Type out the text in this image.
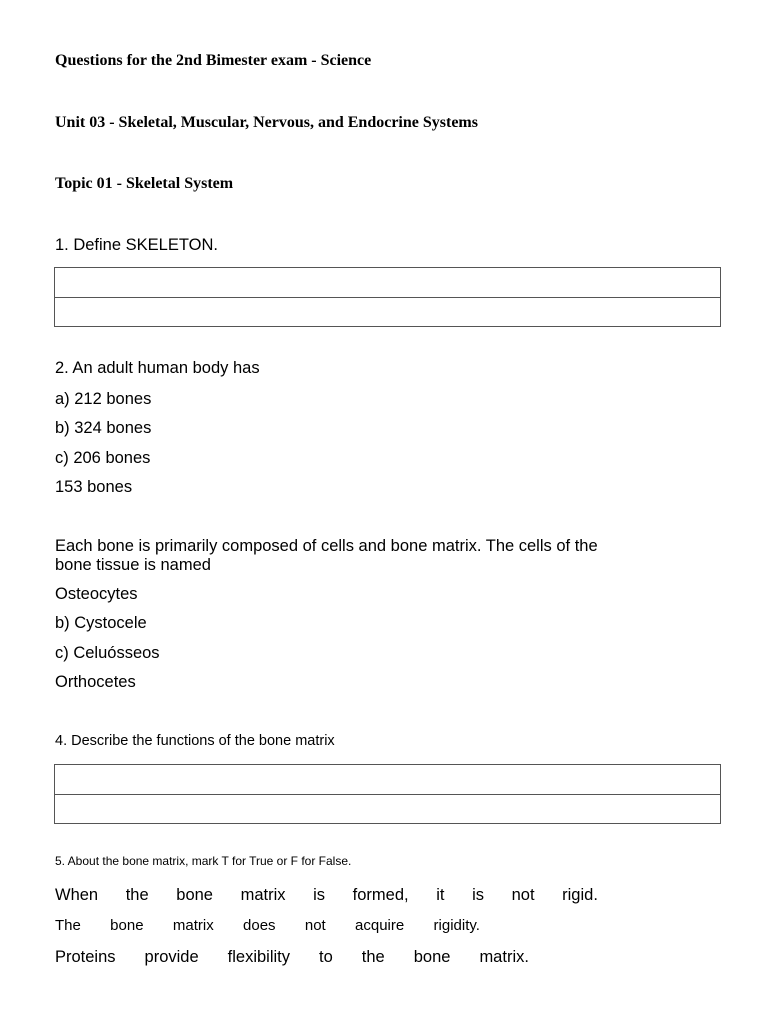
Questions for the 2nd Bimester exam - Science
Unit 03 - Skeletal, Muscular, Nervous, and Endocrine Systems
Topic 01 - Skeletal System
1. Define SKELETON.
2. An adult human body has
a) 212 bones
b) 324 bones
c) 206 bones
153 bones
Each bone is primarily composed of cells and bone matrix. The cells of the
bone tissue is named
Osteocytes
b) Cystocele
c) Celuósseos
Orthocetes
4. Describe the functions of the bone matrix
5. About the bone matrix, mark T for True or F for False.
When the bone matrix is formed, it is not rigid.
The bone matrix does not acquire rigidity.
Proteins provide flexibility to the bone matrix.
